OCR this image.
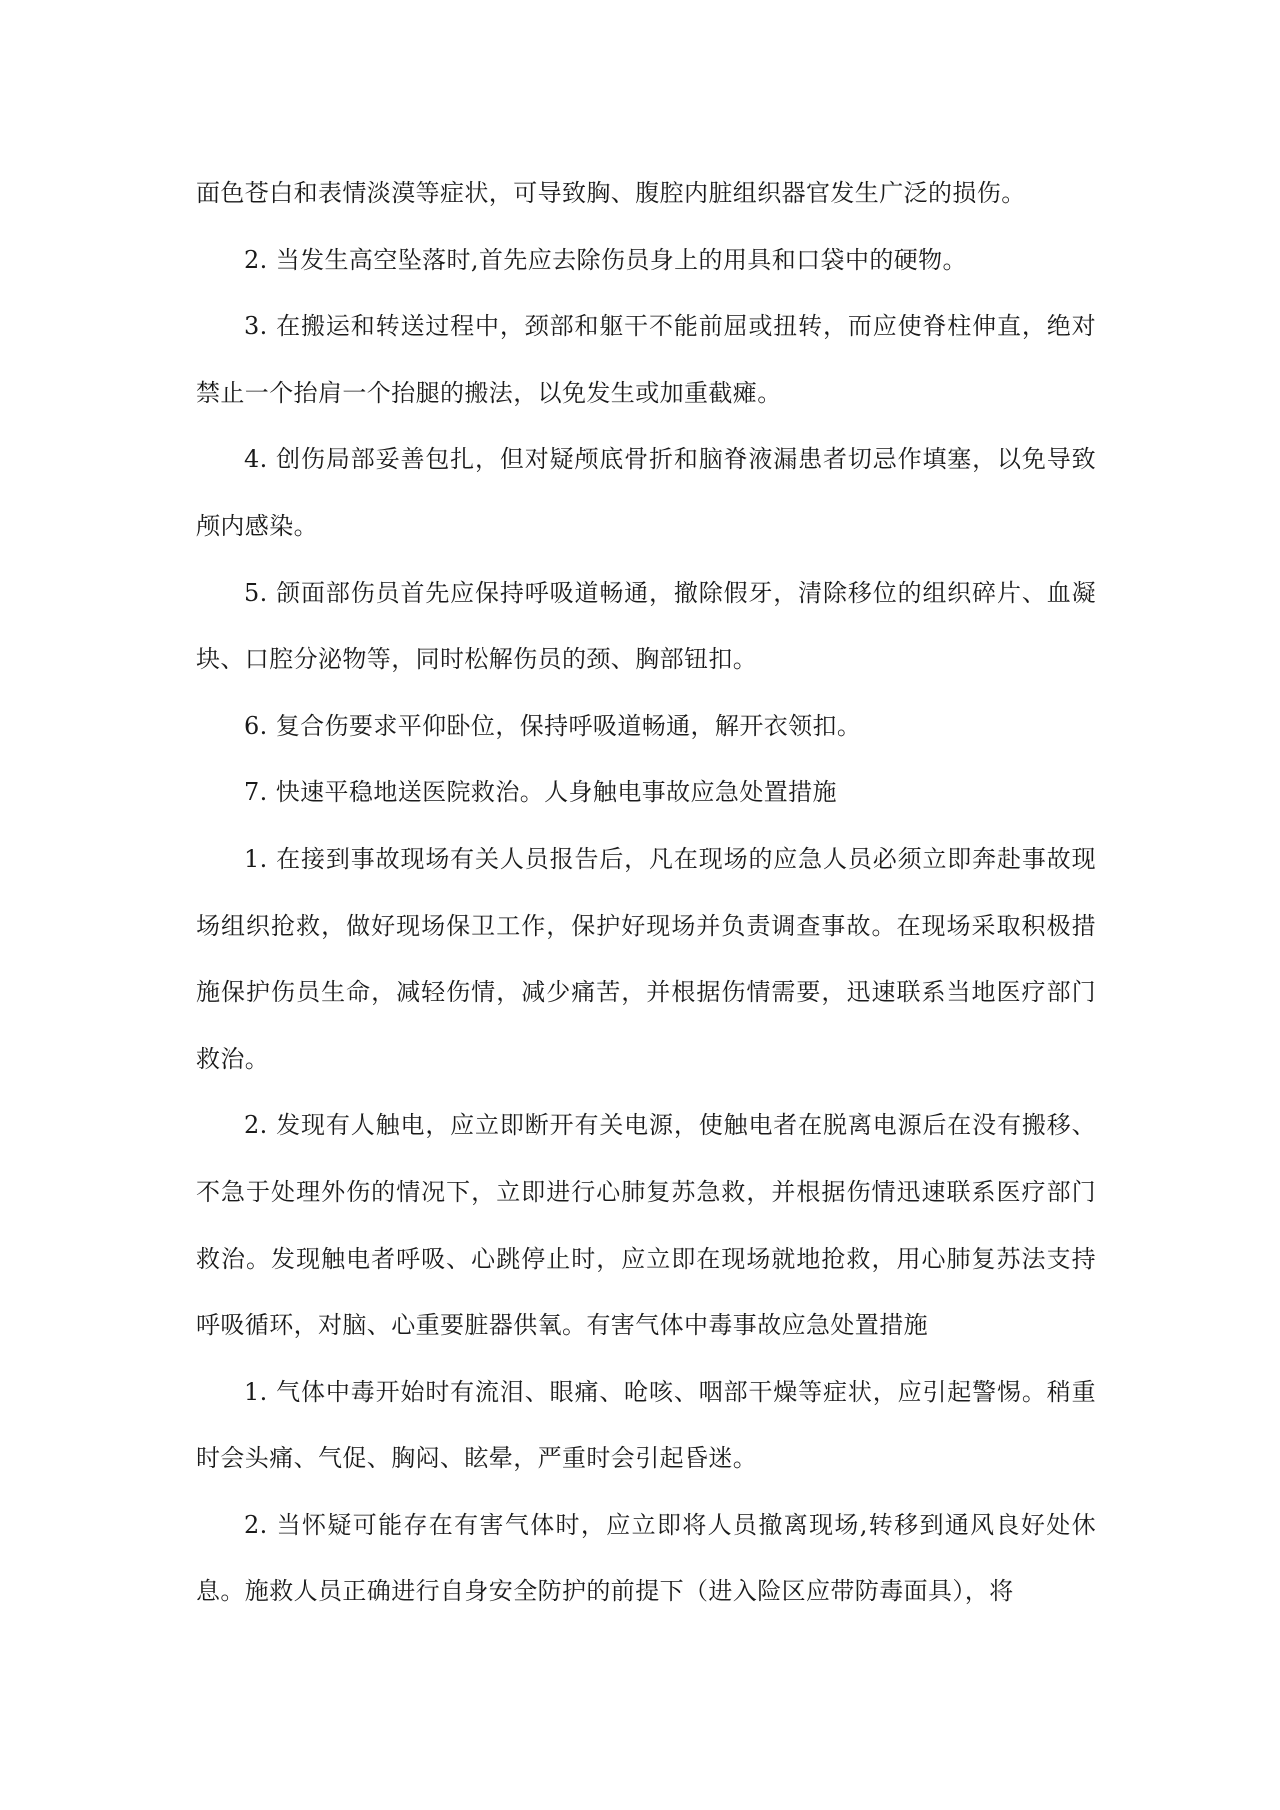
面色苍白和表情淡漠等症状，可导致胸、腹腔内脏组织器官发生广泛的损伤。

2. 当发生高空坠落时,首先应去除伤员身上的用具和口袋中的硬物。

3. 在搬运和转送过程中，颈部和躯干不能前屈或扭转，而应使脊柱伸直，绝对禁止一个抬肩一个抬腿的搬法，以免发生或加重截瘫。

4. 创伤局部妥善包扎，但对疑颅底骨折和脑脊液漏患者切忌作填塞，以免导致颅内感染。

5. 颌面部伤员首先应保持呼吸道畅通，撤除假牙，清除移位的组织碎片、血凝块、口腔分泌物等，同时松解伤员的颈、胸部钮扣。

6. 复合伤要求平仰卧位，保持呼吸道畅通，解开衣领扣。

7. 快速平稳地送医院救治。人身触电事故应急处置措施

1. 在接到事故现场有关人员报告后，凡在现场的应急人员必须立即奔赴事故现场组织抢救，做好现场保卫工作，保护好现场并负责调查事故。在现场采取积极措施保护伤员生命，减轻伤情，减少痛苦，并根据伤情需要，迅速联系当地医疗部门救治。

2. 发现有人触电，应立即断开有关电源，使触电者在脱离电源后在没有搬移、不急于处理外伤的情况下，立即进行心肺复苏急救，并根据伤情迅速联系医疗部门救治。发现触电者呼吸、心跳停止时，应立即在现场就地抢救，用心肺复苏法支持呼吸循环，对脑、心重要脏器供氧。有害气体中毒事故应急处置措施

1. 气体中毒开始时有流泪、眼痛、呛咳、咽部干燥等症状，应引起警惕。稍重时会头痛、气促、胸闷、眩晕，严重时会引起昏迷。

2. 当怀疑可能存在有害气体时，应立即将人员撤离现场,转移到通风良好处休息。施救人员正确进行自身安全防护的前提下（进入险区应带防毒面具），将
